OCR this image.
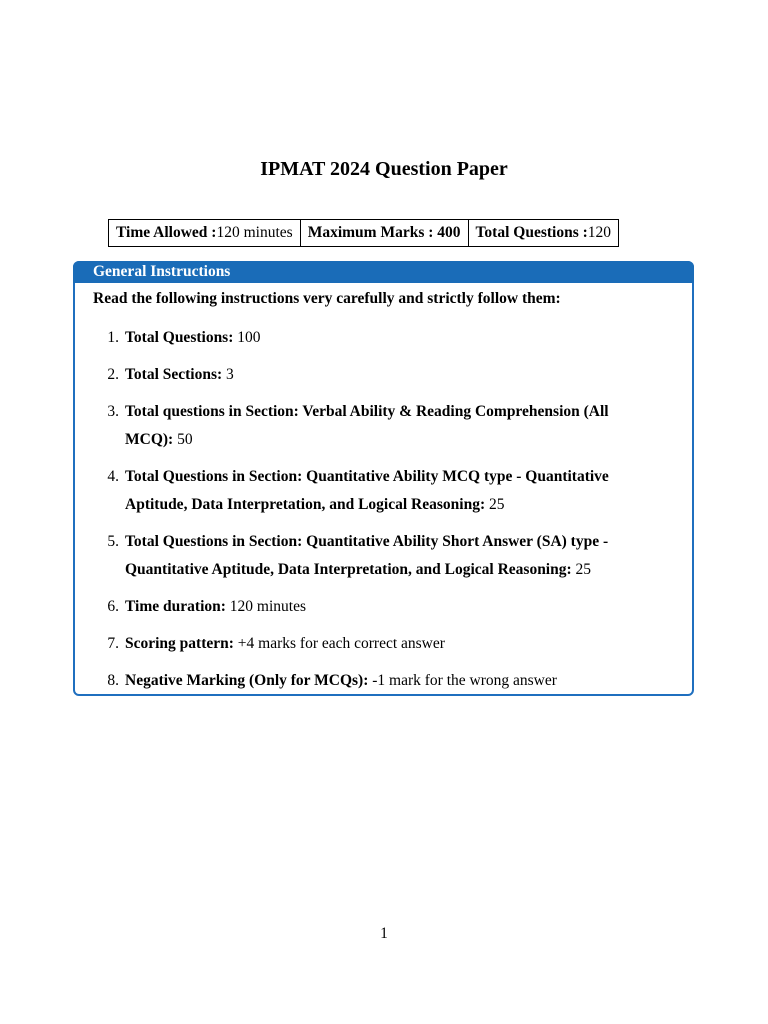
IPMAT 2024 Question Paper
Time Allowed :120 minutes	Maximum Marks : 400	Total Questions :120
General Instructions
Read the following instructions very carefully and strictly follow them:
1. Total Questions: 100
2. Total Sections: 3
3. Total questions in Section: Verbal Ability & Reading Comprehension (All MCQ): 50
4. Total Questions in Section: Quantitative Ability MCQ type - Quantitative Aptitude, Data Interpretation, and Logical Reasoning: 25
5. Total Questions in Section: Quantitative Ability Short Answer (SA) type - Quantitative Aptitude, Data Interpretation, and Logical Reasoning: 25
6. Time duration: 120 minutes
7. Scoring pattern: +4 marks for each correct answer
8. Negative Marking (Only for MCQs): -1 mark for the wrong answer
1
